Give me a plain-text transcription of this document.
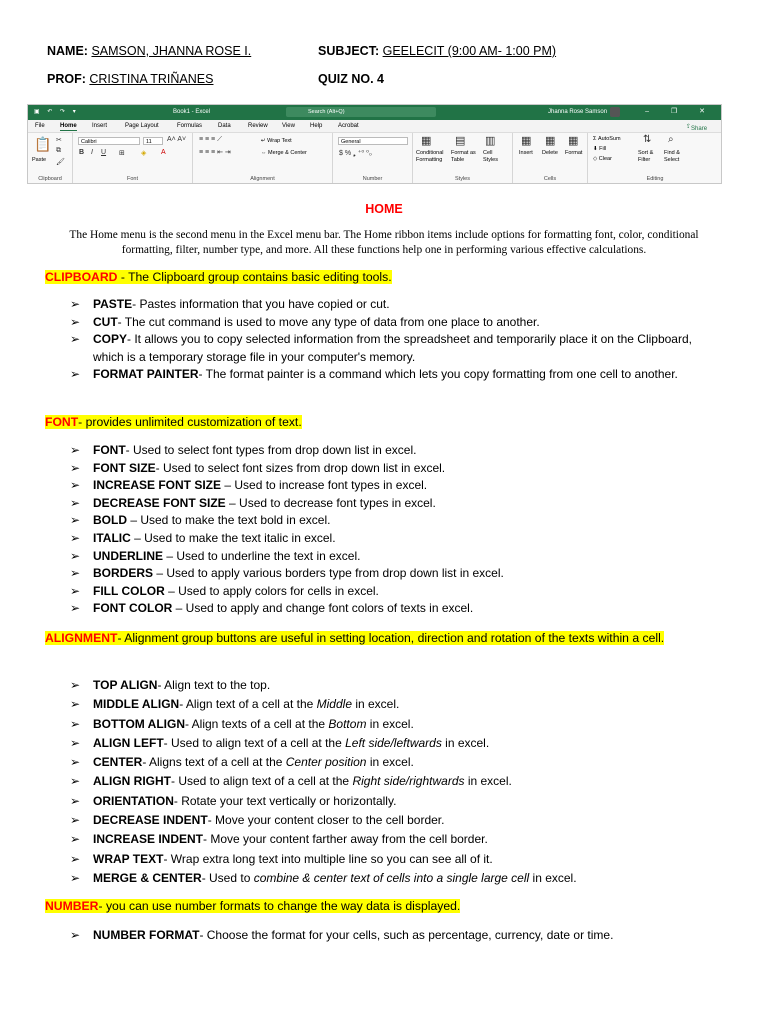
NAME: SAMSON, JHANNA ROSE I.	SUBJECT: GEELECIT (9:00 AM- 1:00 PM)
PROF: CRISTINA TRIÑANES	QUIZ NO. 4
▣ ↶ ↷ ▾	Book1 - Excel	Search (Alt+Q)	Jhanna Rose Samson	– ❐ ✕
File	Home	Insert	Page Layout	Formulas	Data	Review View	Help	Acrobat	⇪ Share
📋
Paste
✂
⧉
🖌
Clipboard
Calibri	11	A˄ A˅
B I U ⊞ ◈ A
Font
≡ ≡ ≡ ⟋
≡ ≡ ≡ ⇤ ⇥
↵ Wrap Text
⇔ Merge & Center
Alignment
General
$ % ❟ ⁺⁰ ⁰₀
Number
▦ ▤ ▥
Conditional Formatting
Format as Table
Cell Styles
Styles
▦ ▦ ▦
Insert Delete Format
Cells
Σ AutoSum
⬇ Fill
◇ Clear
⇅ ⌕
Sort & Filter
Find & Select
Editing
HOME
The Home menu is the second menu in the Excel menu bar. The Home ribbon items include options for formatting font, color, conditional formatting, filter, number type, and more. All these functions help one in performing various effective calculations.
CLIPBOARD - The Clipboard group contains basic editing tools.
➢ PASTE- Pastes information that you have copied or cut.
➢ CUT- The cut command is used to move any type of data from one place to another.
➢ COPY- It allows you to copy selected information from the spreadsheet and temporarily place it on the Clipboard, which is a temporary storage file in your computer's memory.
➢ FORMAT PAINTER- The format painter is a command which lets you copy formatting from one cell to another.
FONT- provides unlimited customization of text.
➢ FONT- Used to select font types from drop down list in excel.
➢ FONT SIZE- Used to select font sizes from drop down list in excel.
➢ INCREASE FONT SIZE – Used to increase font types in excel.
➢ DECREASE FONT SIZE – Used to decrease font types in excel.
➢ BOLD – Used to make the text bold in excel.
➢ ITALIC – Used to make the text italic in excel.
➢ UNDERLINE – Used to underline the text in excel.
➢ BORDERS – Used to apply various borders type from drop down list in excel.
➢ FILL COLOR – Used to apply colors for cells in excel.
➢ FONT COLOR – Used to apply and change font colors of texts in excel.
ALIGNMENT- Alignment group buttons are useful in setting location, direction and rotation of the texts within a cell.
➢ TOP ALIGN- Align text to the top.
➢ MIDDLE ALIGN- Align text of a cell at the Middle in excel.
➢ BOTTOM ALIGN- Align texts of a cell at the Bottom in excel.
➢ ALIGN LEFT- Used to align text of a cell at the Left side/leftwards in excel.
➢ CENTER- Aligns text of a cell at the Center position in excel.
➢ ALIGN RIGHT- Used to align text of a cell at the Right side/rightwards in excel.
➢ ORIENTATION- Rotate your text vertically or horizontally.
➢ DECREASE INDENT- Move your content closer to the cell border.
➢ INCREASE INDENT- Move your content farther away from the cell border.
➢ WRAP TEXT- Wrap extra long text into multiple line so you can see all of it.
➢ MERGE & CENTER- Used to combine & center text of cells into a single large cell in excel.
NUMBER- you can use number formats to change the way data is displayed.
➢ NUMBER FORMAT- Choose the format for your cells, such as percentage, currency, date or time.
